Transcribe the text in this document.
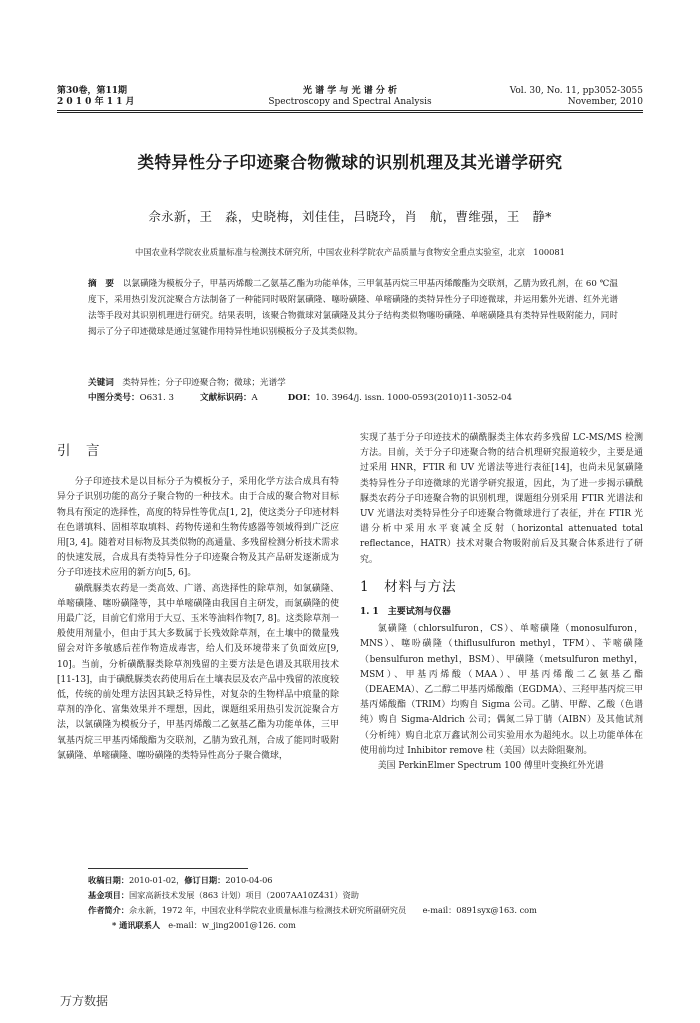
第30卷，第11期
2 0 1 0 年 1 1 月
光 谱 学 与 光 谱 分 析
Spectroscopy and Spectral Analysis
Vol. 30, No. 11, pp3052-3055
November, 2010
类特异性分子印迹聚合物微球的识别机理及其光谱学研究
佘永新，王　淼，史晓梅，刘佳佳，吕晓玲，肖　航，曹维强，王　静*
中国农业科学院农业质量标准与检测技术研究所，中国农业科学院农产品质量与食物安全重点实验室，北京　100081
摘　要　 以氯磺隆为模板分子，甲基丙烯酸二乙氨基乙酯为功能单体，三甲氧基丙烷三甲基丙烯酸酯为交联剂，乙腈为致孔剂，在 60 ℃温度下，采用热引发沉淀聚合方法制备了一种能同时吸附氯磺隆、噻吩磺隆、单嘧磺隆的类特异性分子印迹微球，并运用紫外光谱、红外光谱法等手段对其识别机理进行研究。结果表明，该聚合物微球对氯磺隆及其分子结构类似物噻吩磺隆、单嘧磺隆具有类特异性吸附能力，同时揭示了分子印迹微球是通过氢键作用特异性地识别模板分子及其类似物。
关键词　 类特异性；分子印迹聚合物；微球；光谱学
中图分类号：O631. 3	文献标识码：A	DOI：10. 3964/j. issn. 1000-0593(2010)11-3052-04
引　言

分子印迹技术是以目标分子为模板分子，采用化学方法合成具有特异分子识别功能的高分子聚合物的一种技术。由于合成的聚合物对目标物具有预定的选择性，高度的特异性等优点[1, 2]，使这类分子印迹材料在色谱填料、固相萃取填料、药物传递和生物传感器等领域得到广泛应用[3, 4]。随着对目标物及其类似物的高通量、多残留检测分析技术需求的快速发展，合成具有类特异性分子印迹聚合物及其产品研发逐渐成为分子印迹技术应用的新方向[5, 6]。

磺酰脲类农药是一类高效、广谱、高选择性的除草剂，如氯磺隆、单嘧磺隆、噻吩磺隆等，其中单嘧磺隆由我国自主研发，而氯磺隆的使用最广泛，目前它们常用于大豆、玉米等油料作物[7, 8]。这类除草剂一般使用剂量小，但由于其大多数属于长残效除草剂，在土壤中的微量残留会对许多敏感后茬作物造成毒害，给人们及环境带来了负面效应[9, 10]。当前，分析磺酰脲类除草剂残留的主要方法是色谱及其联用技术[11-13]，由于磺酰脲类农药使用后在土壤表层及农产品中残留的浓度较低，传统的前处理方法因其缺乏特异性，对复杂的生物样品中痕量的除草剂的净化、富集效果并不理想，因此，课题组采用热引发沉淀聚合方法，以氯磺隆为模板分子，甲基丙烯酸二乙氨基乙酯为功能单体，三甲氧基丙烷三甲基丙烯酸酯为交联剂，乙腈为致孔剂，合成了能同时吸附氯磺隆、单嘧磺隆、噻吩磺隆的类特异性高分子聚合微球，

实现了基于分子印迹技术的磺酰脲类主体农药多残留 LC-MS/MS 检测方法。目前，关于分子印迹聚合物的结合机理研究报道较少，主要是通过采用 HNR，FTIR 和 UV 光谱法等进行表征[14]，也尚未见氯磺隆类特异性分子印迹微球的光谱学研究报道，因此，为了进一步揭示磺酰脲类农药分子印迹聚合物的识别机理，课题组分别采用 FTIR 光谱法和 UV 光谱法对类特异性分子印迹聚合物微球进行了表征，并在 FTIR 光谱分析中采用水平衰减全反射（horizontal attenuated total reflectance，HATR）技术对聚合物吸附前后及其聚合体系进行了研究。

1　材料与方法
1. 1　主要试剂与仪器

氯磺隆（chlorsulfuron，CS）、单嘧磺隆（monosulfuron，MNS）、噻吩磺隆（thiflusulfuron methyl，TFM）、苄嘧磺隆（bensulfuron methyl，BSM）、甲磺隆（metsulfuron methyl，MSM）、甲基丙烯酸（MAA）、甲基丙烯酸二乙氨基乙酯（DEAEMA）、乙二醇二甲基丙烯酸酯（EGDMA）、三羟甲基丙烷三甲基丙烯酸酯（TRIM）均购自 Sigma 公司。乙腈、甲醇、乙酸（色谱纯）购自 Sigma-Aldrich 公司；偶氮二异丁腈（AIBN）及其他试剂（分析纯）购自北京万鑫试剂公司实验用水为超纯水。以上功能单体在使用前均过 Inhibitor remove 柱（美国）以去除阻聚剂。

美国 PerkinElmer Spectrum 100 傅里叶变换红外光谱

收稿日期：2010-01-02，修订日期：2010-04-06
基金项目：国家高新技术发展（863 计划）项目（2007AA10Z431）资助
作者简介：佘永新，1972 年，中国农业科学院农业质量标准与检测技术研究所副研究员　　e-mail：0891syx@163. com
* 通讯联系人　 e-mail：w_jing2001@126. com
万方数据
